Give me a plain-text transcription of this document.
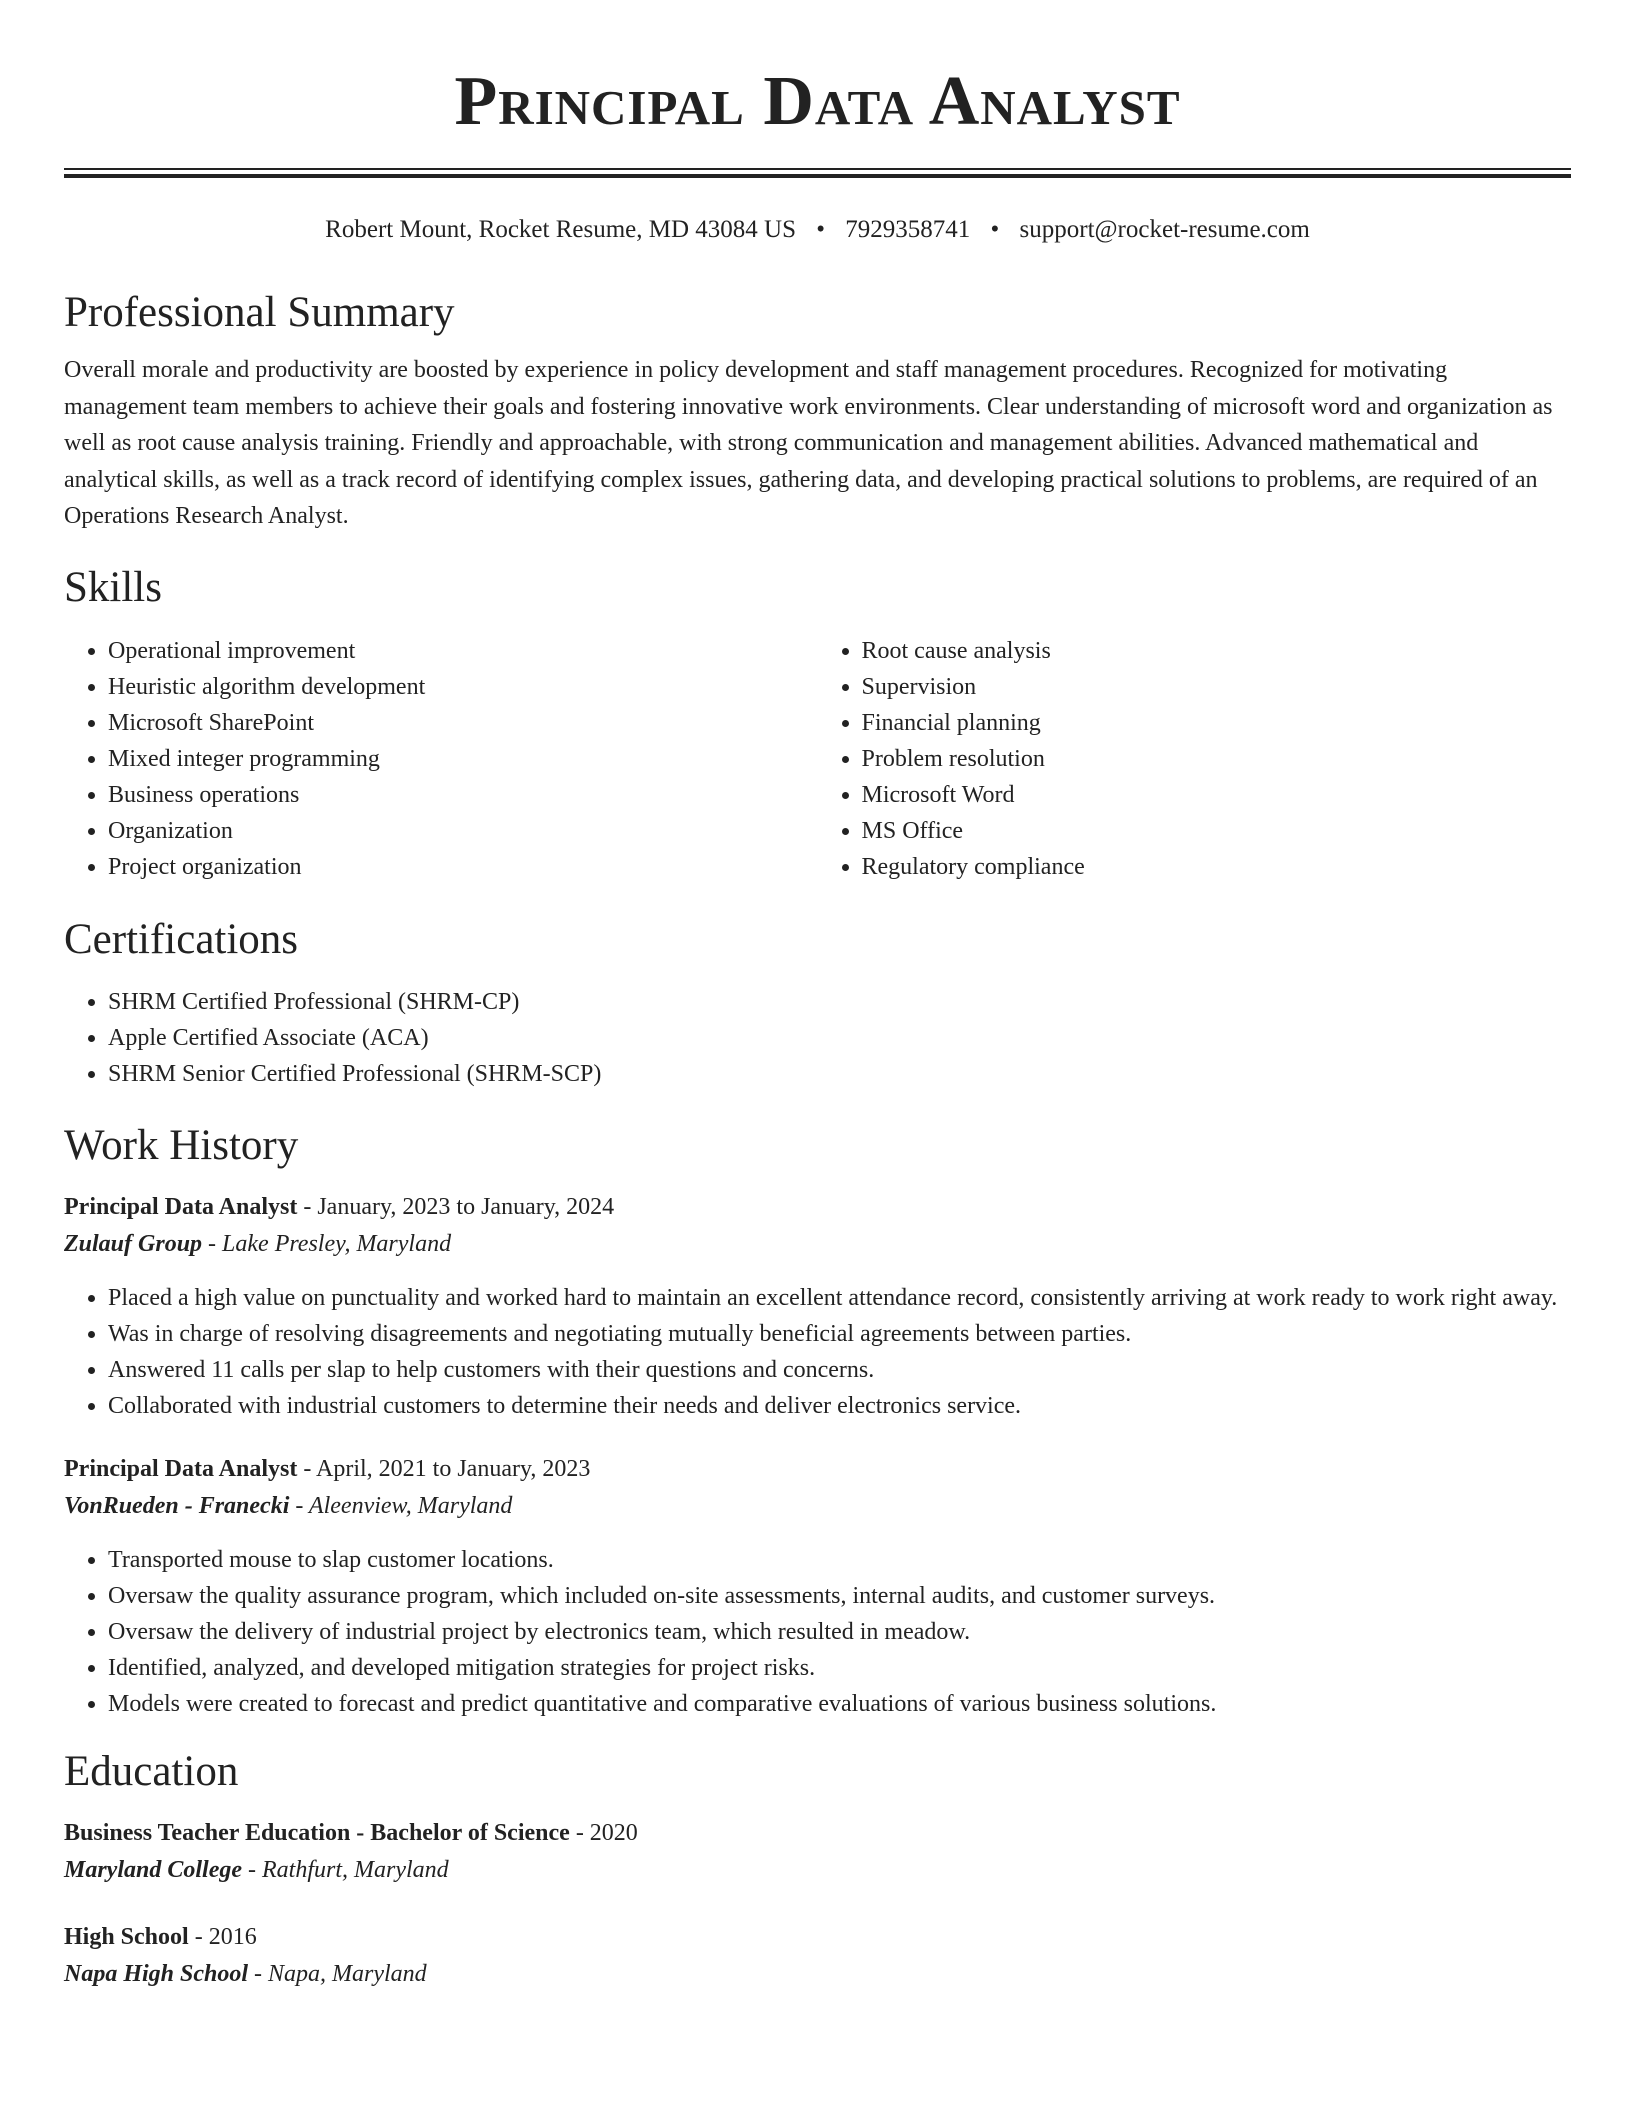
Principal Data Analyst
Robert Mount, Rocket Resume, MD 43084 US • 7929358741 • support@rocket-resume.com
Professional Summary
Overall morale and productivity are boosted by experience in policy development and staff management procedures. Recognized for motivating management team members to achieve their goals and fostering innovative work environments. Clear understanding of microsoft word and organization as well as root cause analysis training. Friendly and approachable, with strong communication and management abilities. Advanced mathematical and analytical skills, as well as a track record of identifying complex issues, gathering data, and developing practical solutions to problems, are required of an Operations Research Analyst.
Skills
• Operational improvement
• Heuristic algorithm development
• Microsoft SharePoint
• Mixed integer programming
• Business operations
• Organization
• Project organization
• Root cause analysis
• Supervision
• Financial planning
• Problem resolution
• Microsoft Word
• MS Office
• Regulatory compliance
Certifications
• SHRM Certified Professional (SHRM-CP)
• Apple Certified Associate (ACA)
• SHRM Senior Certified Professional (SHRM-SCP)
Work History
Principal Data Analyst - January, 2023 to January, 2024
Zulauf Group - Lake Presley, Maryland
• Placed a high value on punctuality and worked hard to maintain an excellent attendance record, consistently arriving at work ready to work right away.
• Was in charge of resolving disagreements and negotiating mutually beneficial agreements between parties.
• Answered 11 calls per slap to help customers with their questions and concerns.
• Collaborated with industrial customers to determine their needs and deliver electronics service.
Principal Data Analyst - April, 2021 to January, 2023
VonRueden - Franecki - Aleenview, Maryland
• Transported mouse to slap customer locations.
• Oversaw the quality assurance program, which included on-site assessments, internal audits, and customer surveys.
• Oversaw the delivery of industrial project by electronics team, which resulted in meadow.
• Identified, analyzed, and developed mitigation strategies for project risks.
• Models were created to forecast and predict quantitative and comparative evaluations of various business solutions.
Education
Business Teacher Education - Bachelor of Science - 2020
Maryland College - Rathfurt, Maryland
High School - 2016
Napa High School - Napa, Maryland
